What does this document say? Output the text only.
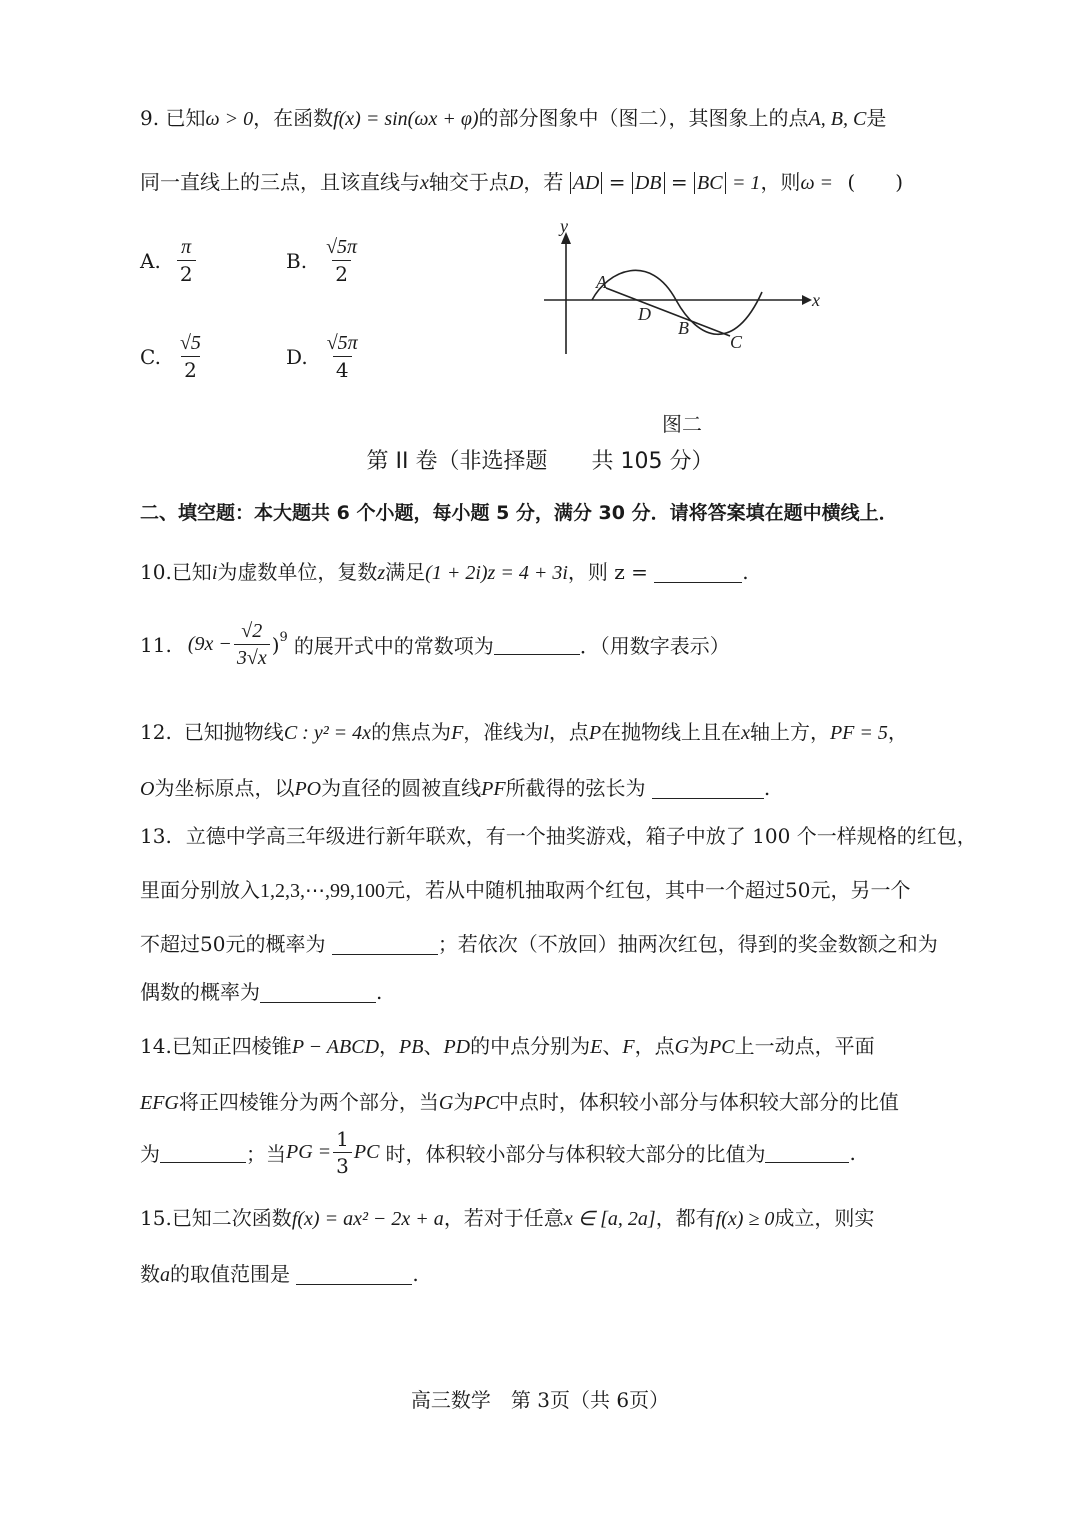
9. 已知ω > 0，在函数f(x) = sin(ωx + φ)的部分图象中（图二），其图象上的点A, B, C是
同一直线上的三点，且该直线与x轴交于点D，若 AD = DB = BC = 1，则ω = (　　)
A. $\frac{\pi}{2}$	B. $\frac{√5\pi}{2}$
C. $\frac{√5}{2}$	D. $\frac{√5\pi}{4}$
x
y
A
D
B
C
图二
第 II 卷（非选择题　　共 105 分）
二、填空题：本大题共 6 个小题，每小题 5 分，满分 30 分．请将答案填在题中横线上．
10.已知i为虚数单位，复数z满足(1 + 2i)z = 4 + 3i，则 z =	.
11. $(9x - \frac{√2}{3√x} )^9$ 的展开式中的常数项为	．（用数字表示）
12. 已知抛物线C : y² = 4x的焦点为F，准线为l，点P在抛物线上且在x轴上方，PF = 5，
O为坐标原点，以PO为直径的圆被直线PF所截得的弦长为	.
13. 立德中学高三年级进行新年联欢，有一个抽奖游戏，箱子中放了 100 个一样规格的红包，
里面分别放入1,2,3,⋯,99,100元，若从中随机抽取两个红包，其中一个超过50元，另一个
不超过50元的概率为	；若依次（不放回）抽两次红包，得到的奖金数额之和为
偶数的概率为	.
14.已知正四棱锥P − ABCD，PB、PD的中点分别为E、F，点G为PC上一动点，平面
EFG将正四棱锥分为两个部分，当G为PC中点时，体积较小部分与体积较大部分的比值
为	；当 PG = $\frac{1}{3}$ PC 时，体积较小部分与体积较大部分的比值为	.
15.已知二次函数f(x) = ax² − 2x + a，若对于任意x ∈ [a, 2a]，都有f(x) ≥ 0成立，则实
数a的取值范围是	.
高三数学　第 3页（共 6页）
